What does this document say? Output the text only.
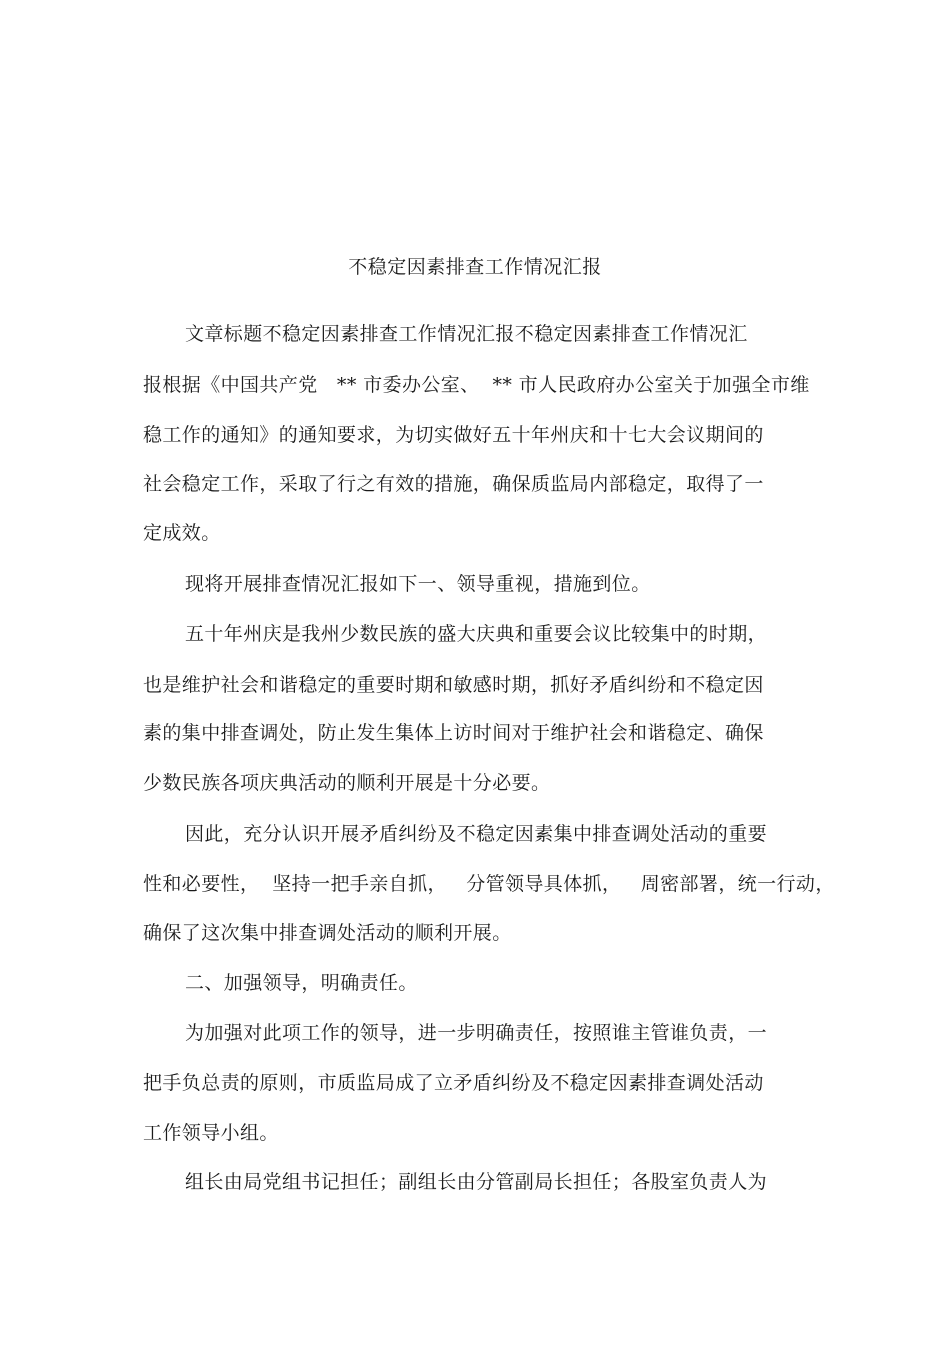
不稳定因素排查工作情况汇报
文章标题不稳定因素排查工作情况汇报不稳定因素排查工作情况汇
报根据《中国共产党   ** 市委办公室、  ** 市人民政府办公室关于加强全市维
稳工作的通知》的通知要求，为切实做好五十年州庆和十七大会议期间的
社会稳定工作，采取了行之有效的措施，确保质监局内部稳定，取得了一
定成效。
现将开展排查情况汇报如下一、领导重视，措施到位。
五十年州庆是我州少数民族的盛大庆典和重要会议比较集中的时期，
也是维护社会和谐稳定的重要时期和敏感时期，抓好矛盾纠纷和不稳定因
素的集中排查调处，防止发生集体上访时间对于维护社会和谐稳定、确保
少数民族各项庆典活动的顺利开展是十分必要。
因此，充分认识开展矛盾纠纷及不稳定因素集中排查调处活动的重要
性和必要性，  坚持一把手亲自抓，   分管领导具体抓，   周密部署，统一行动，
确保了这次集中排查调处活动的顺利开展。
二、加强领导，明确责任。
为加强对此项工作的领导，进一步明确责任，按照谁主管谁负责，一
把手负总责的原则，市质监局成了立矛盾纠纷及不稳定因素排查调处活动
工作领导小组。
组长由局党组书记担任；副组长由分管副局长担任；各股室负责人为
